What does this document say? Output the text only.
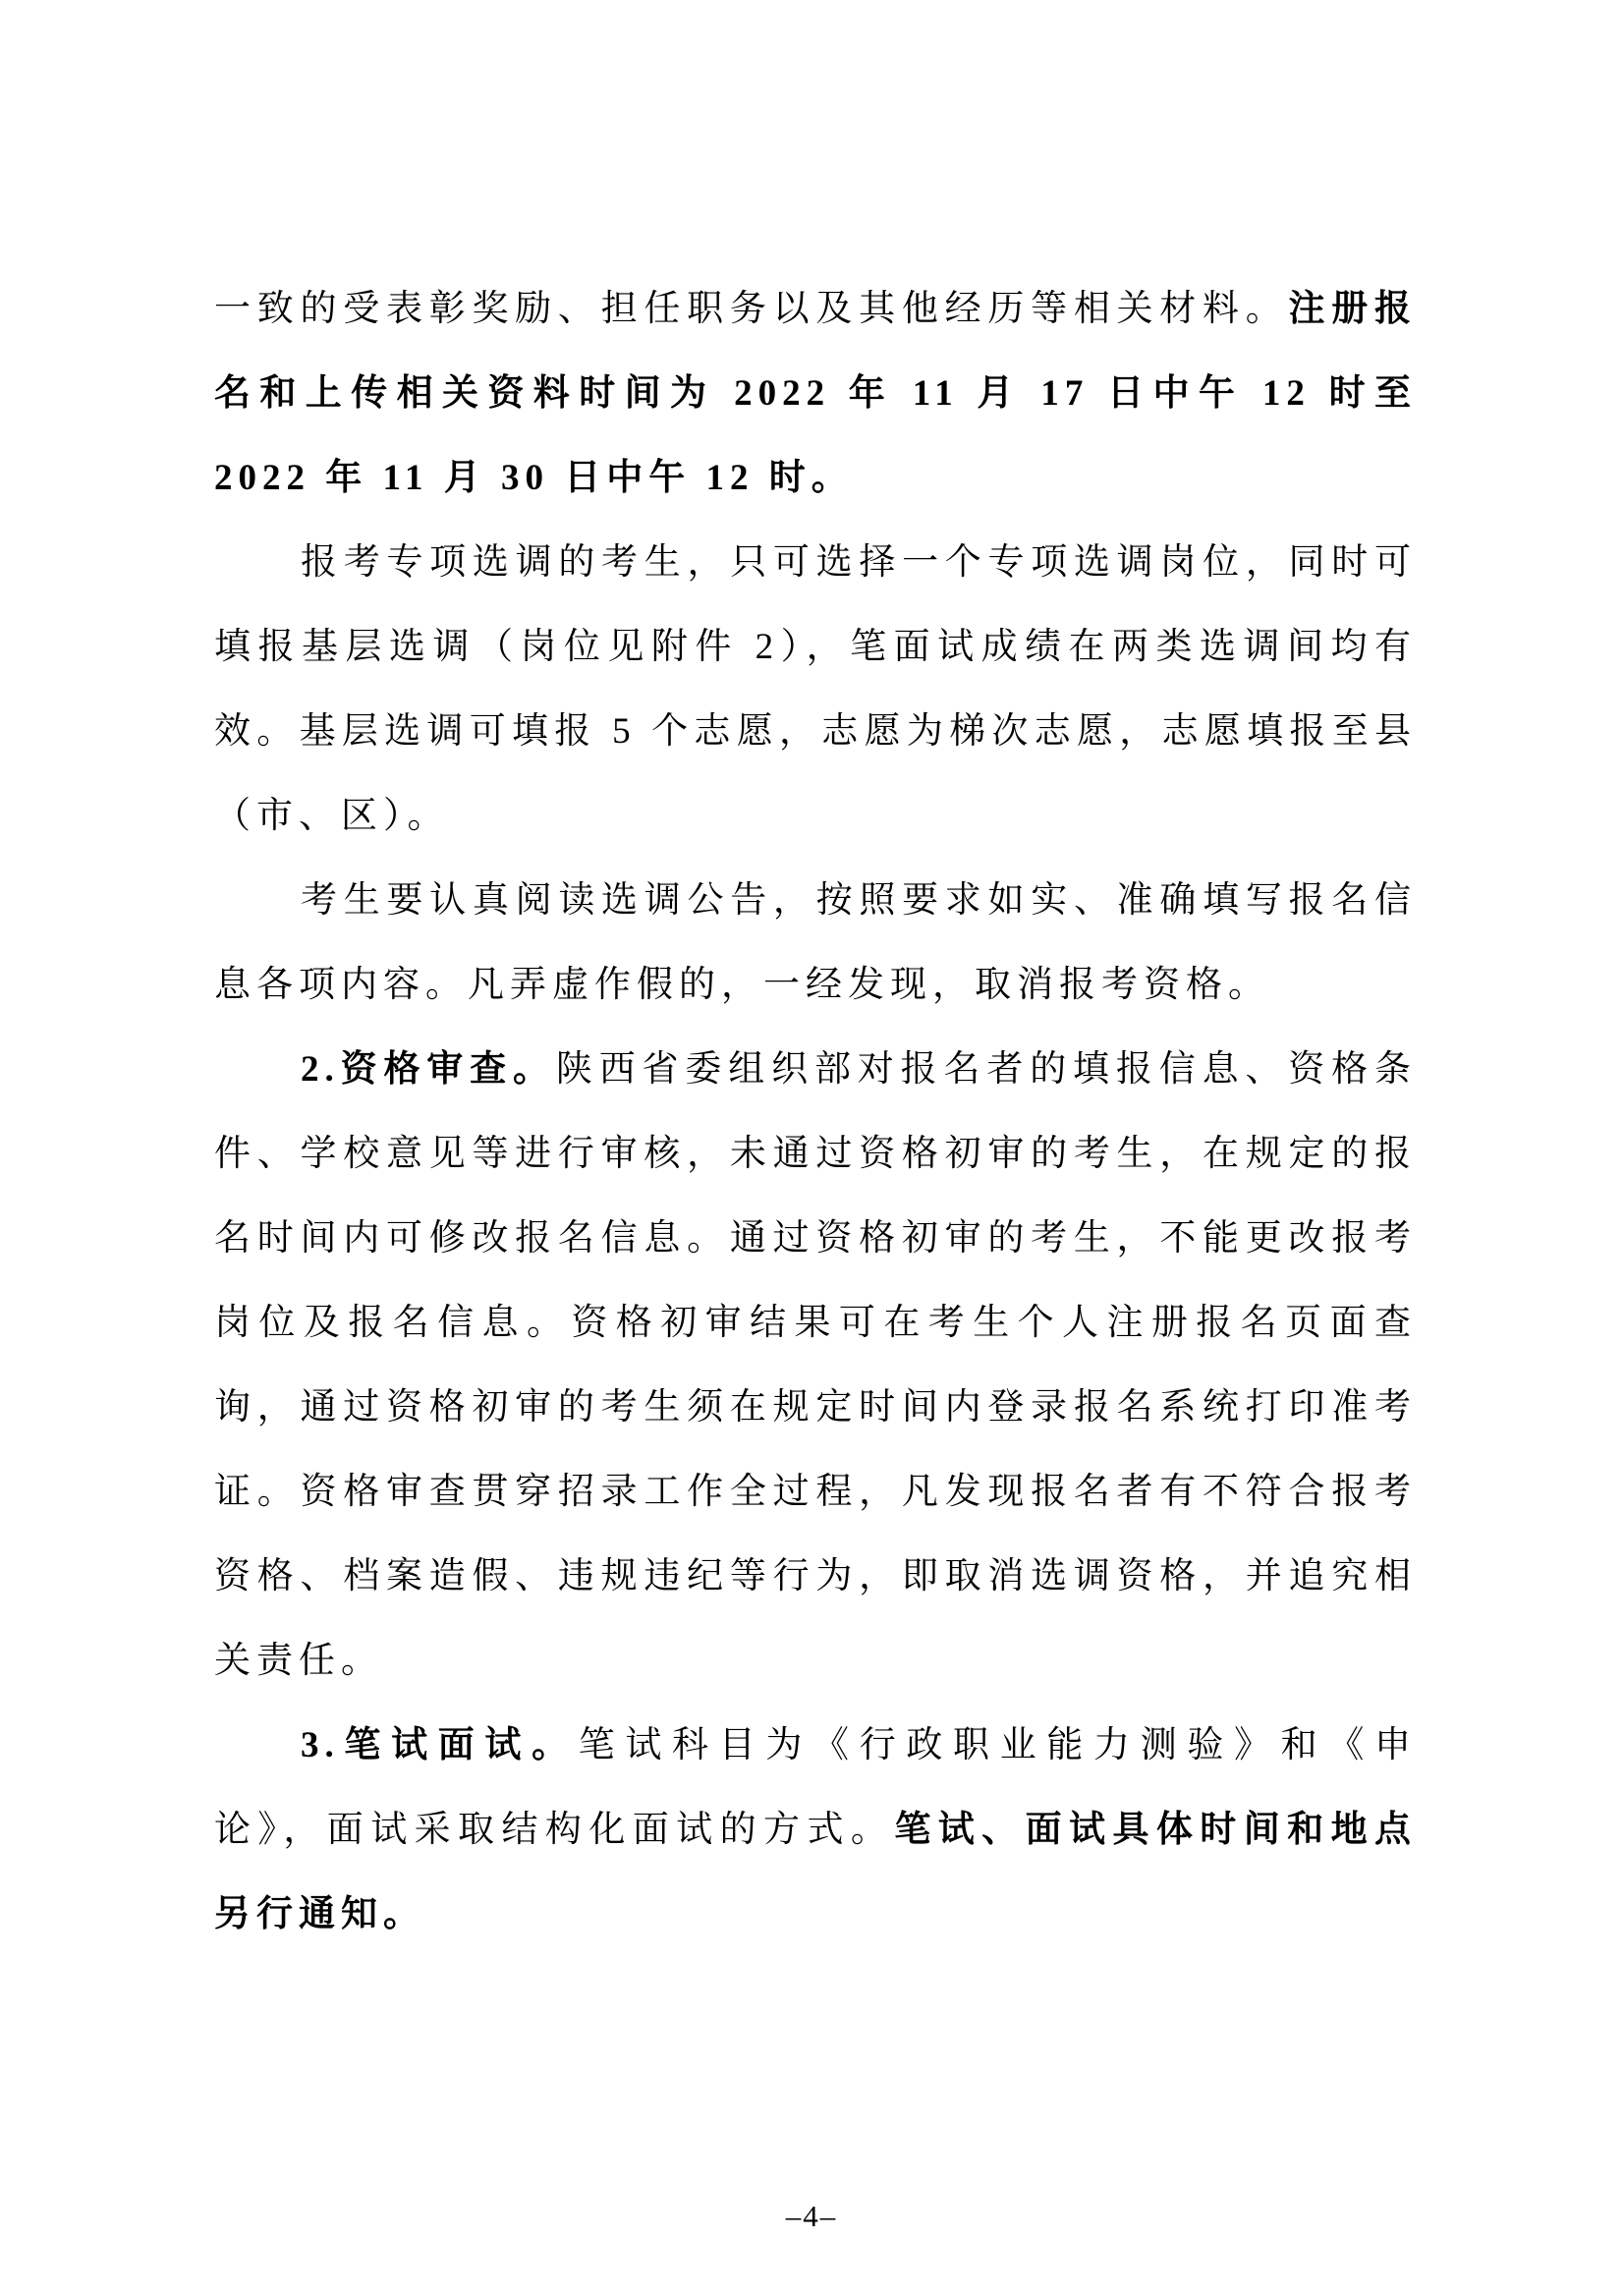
一致的受表彰奖励、担任职务以及其他经历等相关材料。注册报名和上传相关资料时间为 2022 年 11 月 17 日中午 12 时至 2022 年 11 月 30 日中午 12 时。

报考专项选调的考生，只可选择一个专项选调岗位，同时可填报基层选调（岗位见附件 2），笔面试成绩在两类选调间均有效。基层选调可填报 5 个志愿，志愿为梯次志愿，志愿填报至县（市、区）。

考生要认真阅读选调公告，按照要求如实、准确填写报名信息各项内容。凡弄虚作假的，一经发现，取消报考资格。

2.资格审查。陕西省委组织部对报名者的填报信息、资格条件、学校意见等进行审核，未通过资格初审的考生，在规定的报名时间内可修改报名信息。通过资格初审的考生，不能更改报考岗位及报名信息。资格初审结果可在考生个人注册报名页面查询，通过资格初审的考生须在规定时间内登录报名系统打印准考证。资格审查贯穿招录工作全过程，凡发现报名者有不符合报考资格、档案造假、违规违纪等行为，即取消选调资格，并追究相关责任。

3.笔试面试。笔试科目为《行政职业能力测验》和《申论》，面试采取结构化面试的方式。笔试、面试具体时间和地点另行通知。

–4–
